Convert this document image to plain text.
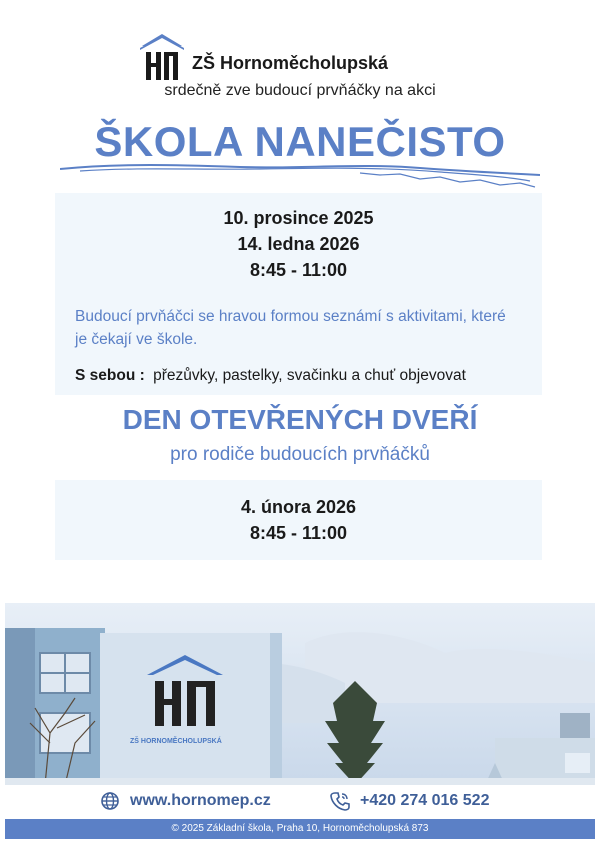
ZŠ Hornoměcholupská
srdečně zve budoucí prvňáčky na akci
ŠKOLA NANEČISTO
10. prosince 2025
14. ledna 2026
8:45 - 11:00
Budoucí prvňáčci se hravou formou seznámí s aktivitami, které je čekají ve škole.
S sebou : přezůvky, pastelky, svačinku a chuť objevovat
DEN OTEVŘENÝCH DVEŘÍ
pro rodiče budoucích prvňáčků
4. února 2026
8:45 - 11:00
ZŠ HORNOMĚCHOLUPSKÁ
www.hornomep.cz	+420 274 016 522
© 2025 Základní škola, Praha 10, Hornoměcholupská 873
